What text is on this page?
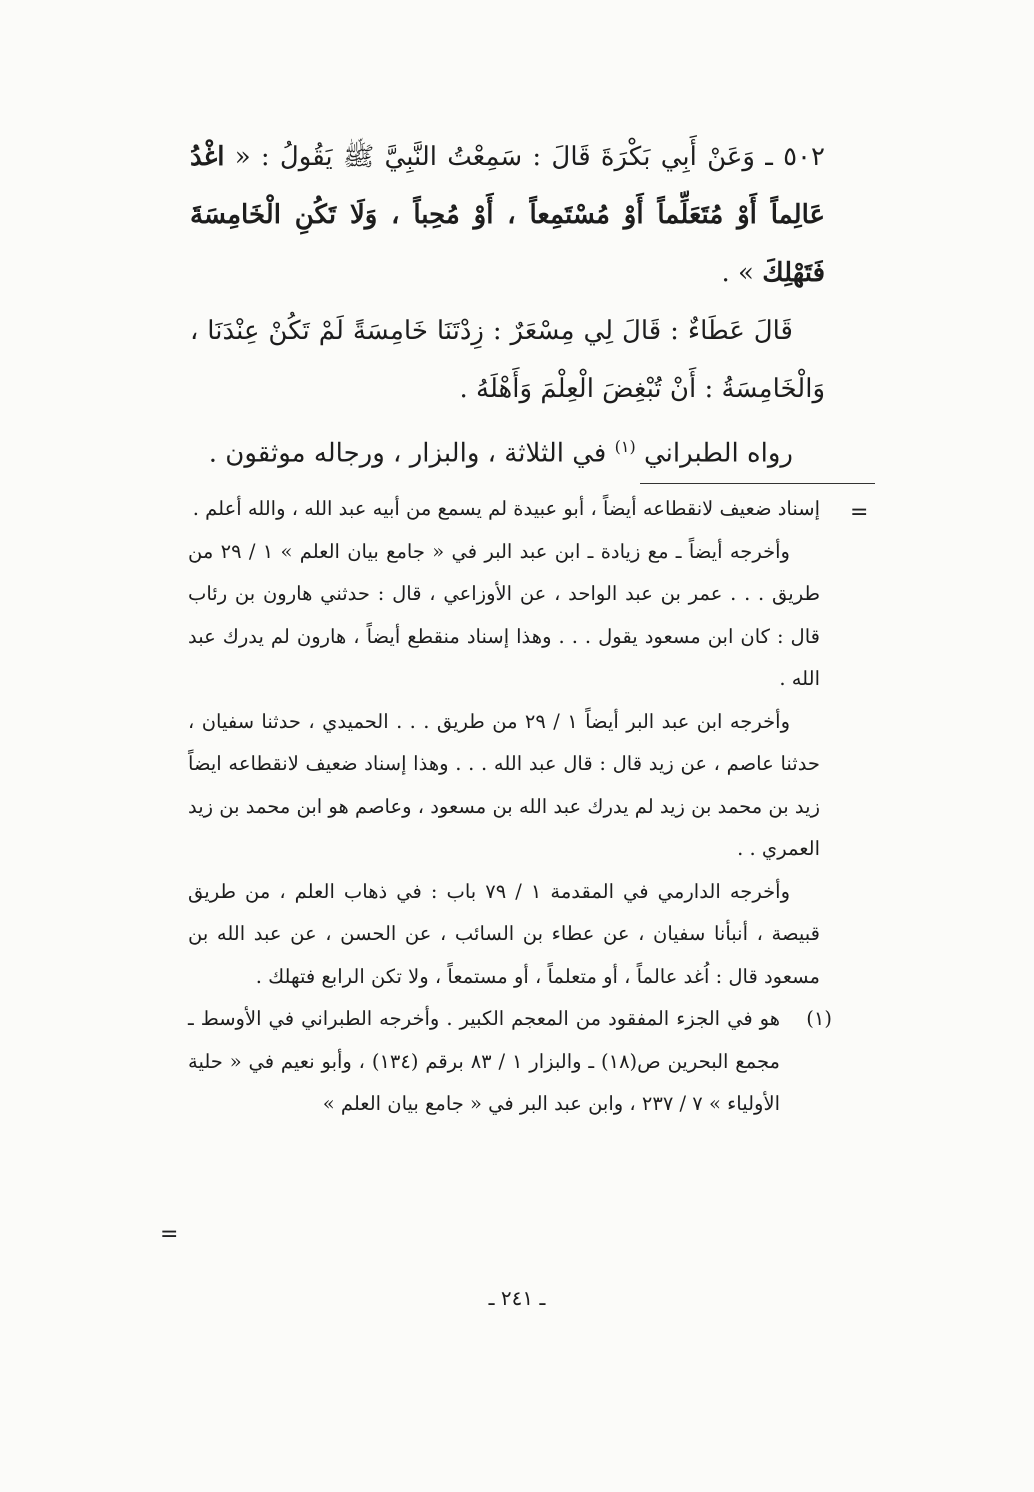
٥٠٢ ـ وَعَنْ أَبِي بَكْرَةَ قَالَ : سَمِعْتُ النَّبِيَّ ﷺ يَقُولُ : « اغْدُ عَالِماً أَوْ مُتَعَلِّماً أَوْ مُسْتَمِعاً ، أَوْ مُحِباً ، وَلَا تَكُنِ الْخَامِسَةَ فَتَهْلِكَ » .

قَالَ عَطَاءٌ : قَالَ لِي مِسْعَرٌ : زِدْتَنَا خَامِسَةً لَمْ تَكُنْ عِنْدَنَا ، وَالْخَامِسَةُ : أَنْ تُبْغِضَ الْعِلْمَ وَأَهْلَهُ .

رواه الطبراني $^{(١)}$ في الثلاثة ، والبزار ، ورجاله موثقون .

=

إسناد ضعيف لانقطاعه أيضاً ، أبو عبيدة لم يسمع من أبيه عبد الله ، والله أعلم .

وأخرجه أيضاً ـ مع زيادة ـ ابن عبد البر في « جامع بيان العلم » ١ / ٢٩ من طريق . . . عمر بن عبد الواحد ، عن الأوزاعي ، قال : حدثني هارون بن رئاب قال : كان ابن مسعود يقول . . . وهذا إسناد منقطع أيضاً ، هارون لم يدرك عبد الله .

وأخرجه ابن عبد البر أيضاً ١ / ٢٩ من طريق . . . الحميدي ، حدثنا سفيان ، حدثنا عاصم ، عن زيد قال : قال عبد الله . . . وهذا إسناد ضعيف لانقطاعه ايضاً زيد بن محمد بن زيد لم يدرك عبد الله بن مسعود ، وعاصم هو ابن محمد بن زيد العمري . .

وأخرجه الدارمي في المقدمة ١ / ٧٩ باب : في ذهاب العلم ، من طريق قبيصة ، أنبأنا سفيان ، عن عطاء بن السائب ، عن الحسن ، عن عبد الله بن مسعود قال : اُغد عالماً ، أو متعلماً ، أو مستمعاً ، ولا تكن الرابع فتهلك .

(١)
هو في الجزء المفقود من المعجم الكبير . وأخرجه الطبراني في الأوسط ـ مجمع البحرين ص(١٨) ـ والبزار ١ / ٨٣ برقم (١٣٤) ، وأبو نعيم في « حلية الأولياء » ٧ / ٢٣٧ ، وابن عبد البر في « جامع بيان العلم »

=
ـ ٢٤١ ـ
